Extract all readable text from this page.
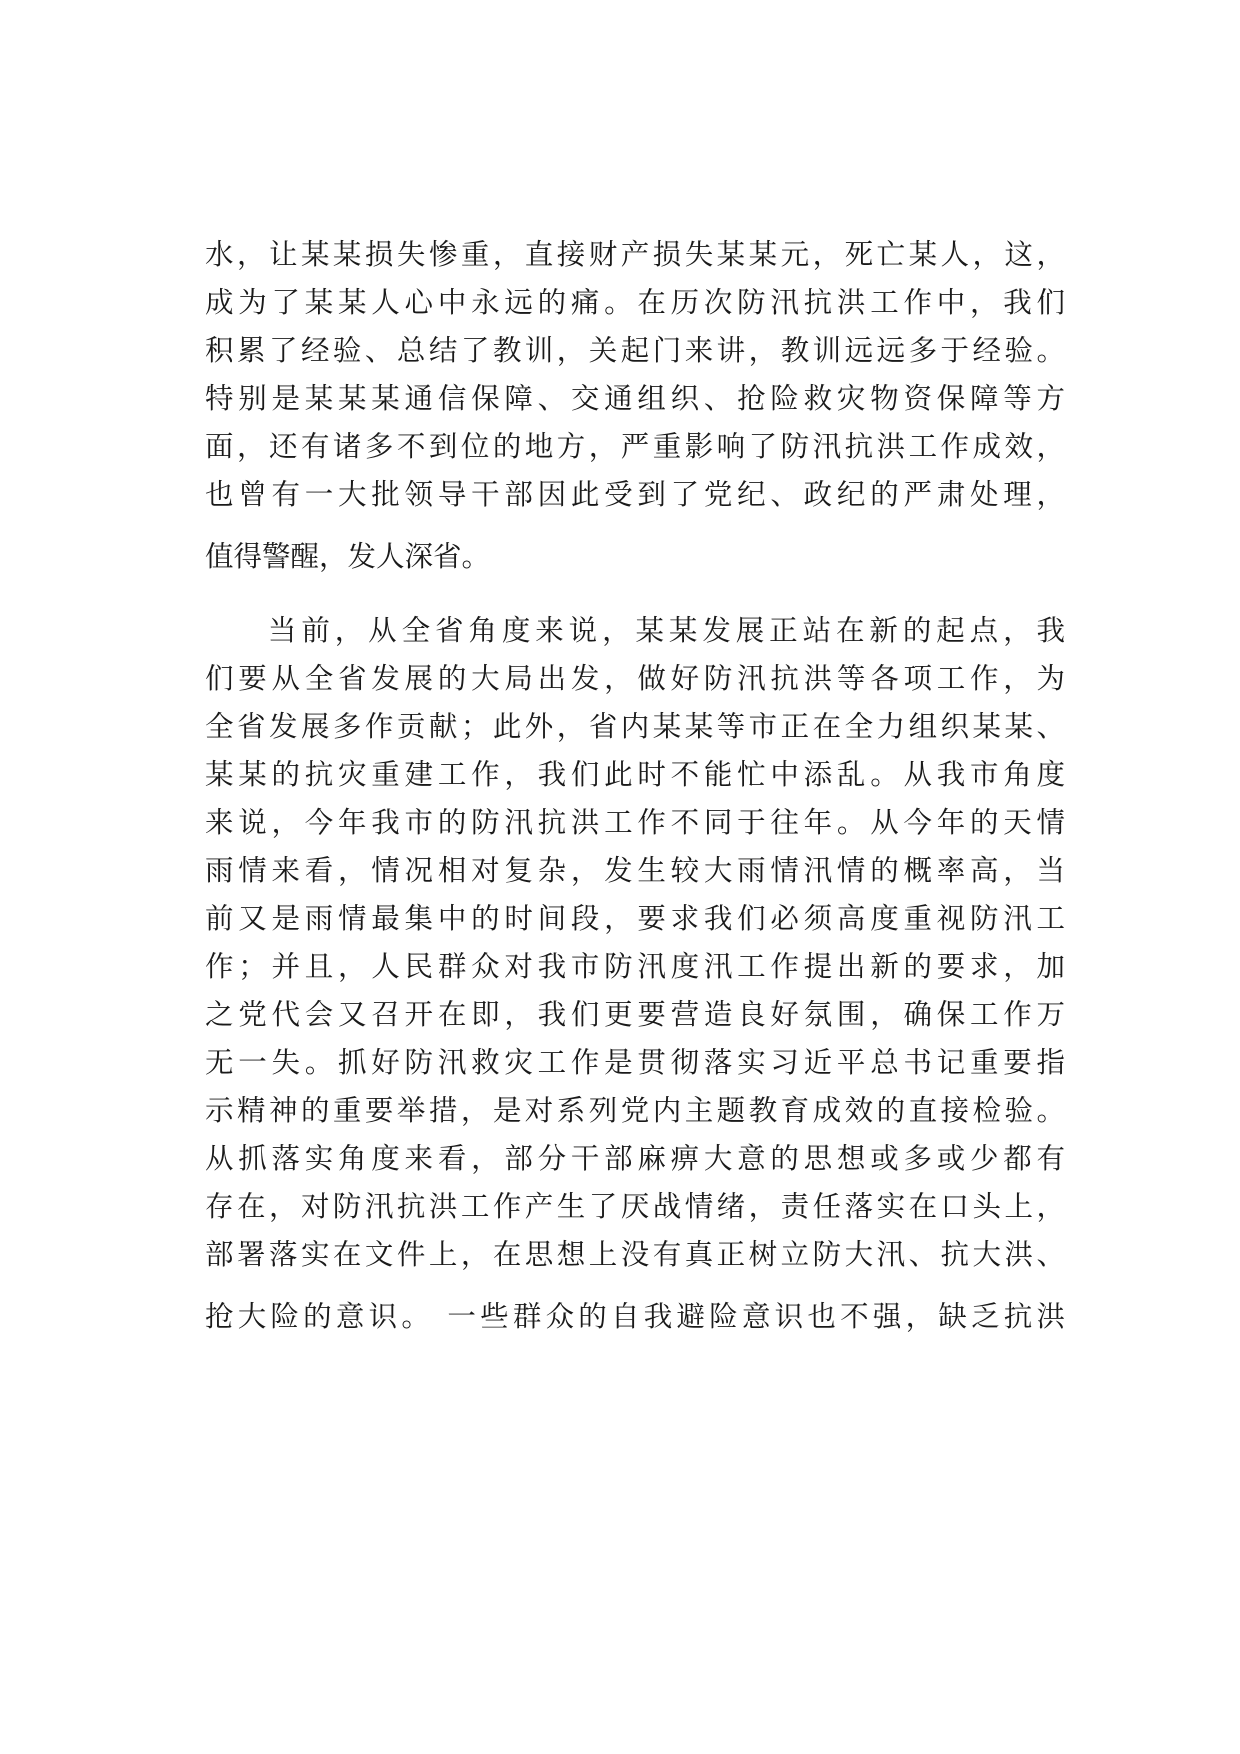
水，让某某损失惨重，直接财产损失某某元，死亡某人，这，
成为了某某人心中永远的痛。在历次防汛抗洪工作中，我们
积累了经验、总结了教训，关起门来讲，教训远远多于经验。
特别是某某某通信保障、交通组织、抢险救灾物资保障等方
面，还有诸多不到位的地方，严重影响了防汛抗洪工作成效，
也曾有一大批领导干部因此受到了党纪、政纪的严肃处理，
值得警醒，发人深省。
当前，从全省角度来说，某某发展正站在新的起点，我
们要从全省发展的大局出发，做好防汛抗洪等各项工作，为
全省发展多作贡献；此外，省内某某等市正在全力组织某某、
某某的抗灾重建工作，我们此时不能忙中添乱。从我市角度
来说，今年我市的防汛抗洪工作不同于往年。从今年的天情
雨情来看，情况相对复杂，发生较大雨情汛情的概率高，当
前又是雨情最集中的时间段，要求我们必须高度重视防汛工
作；并且，人民群众对我市防汛度汛工作提出新的要求，加
之党代会又召开在即，我们更要营造良好氛围，确保工作万
无一失。抓好防汛救灾工作是贯彻落实习近平总书记重要指
示精神的重要举措，是对系列党内主题教育成效的直接检验。
从抓落实角度来看，部分干部麻痹大意的思想或多或少都有
存在，对防汛抗洪工作产生了厌战情绪，责任落实在口头上，
部署落实在文件上，在思想上没有真正树立防大汛、抗大洪、
抢大险的意识。 一些群众的自我避险意识也不强，缺乏抗洪
